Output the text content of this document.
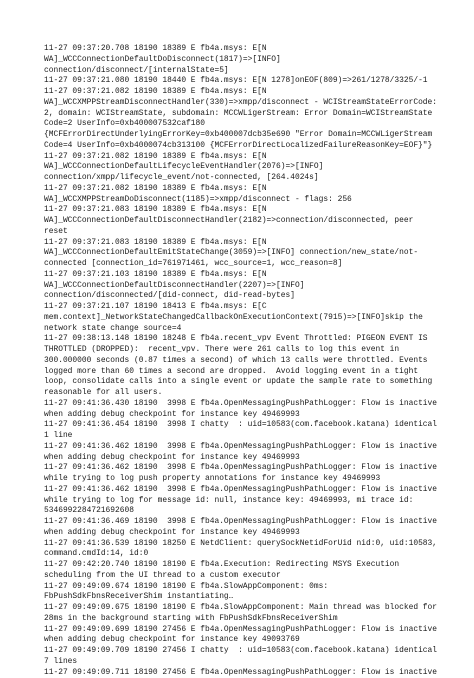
11-27 09:37:20.708 18190 18389 E fb4a.msys: E[N
WA]_WCCConnectionDefaultDoDisconnect(1817)=>[INFO]
connection/disconnect/[internalState=5]
11-27 09:37:21.080 18190 18440 E fb4a.msys: E[N 1278]onEOF(809)=>261/1278/3325/-1
11-27 09:37:21.082 18190 18389 E fb4a.msys: E[N
WA]_WCCXMPPStreamDisconnectHandler(330)=>xmpp/disconnect - WCIStreamStateErrorCode:
2, domain: WCIStreamState, subdomain: MCCWLigerStream: Error Domain=WCIStreamState
Code=2 UserInfo=0xb400007532caf180
{MCFErrorDirectUnderlyingErrorKey=0xb400007dcb35e690 "Error Domain=MCCWLigerStream
Code=4 UserInfo=0xb4000074cb313100 {MCFErrorDirectLocalizedFailureReasonKey=EOF}"}
11-27 09:37:21.082 18190 18389 E fb4a.msys: E[N
WA]_WCCConnectionDefaultLifecycleEventHandler(2076)=>[INFO]
connection/xmpp/lifecycle_event/not-connected, [264.4024s]
11-27 09:37:21.082 18190 18389 E fb4a.msys: E[N
WA]_WCCXMPPStreamDoDisconnect(1185)=>xmpp/disconnect - flags: 256
11-27 09:37:21.083 18190 18389 E fb4a.msys: E[N
WA]_WCCConnectionDefaultDisconnectHandler(2182)=>connection/disconnected, peer
reset
11-27 09:37:21.083 18190 18389 E fb4a.msys: E[N
WA]_WCCConnectionDefaultEmitStateChange(3059)=>[INFO] connection/new_state/not-
connected [connection_id=761971461, wcc_source=1, wcc_reason=8]
11-27 09:37:21.103 18190 18389 E fb4a.msys: E[N
WA]_WCCConnectionDefaultDisconnectHandler(2207)=>[INFO]
connection/disconnected/[did-connect, did-read-bytes]
11-27 09:37:21.107 18190 18413 E fb4a.msys: E[C
mem.context]_NetworkStateChangedCallbackOnExecutionContext(7915)=>[INFO]skip the
network state change source=4
11-27 09:38:13.148 18190 18248 E fb4a.recent_vpv Event Throttled: PIGEON EVENT IS
THROTTLED (DROPPED):  recent_vpv. There were 261 calls to log this event in
300.000000 seconds (0.87 times a second) of which 13 calls were throttled. Events
logged more than 60 times a second are dropped.  Avoid logging event in a tight
loop, consolidate calls into a single event or update the sample rate to something
reasonable for all users.
11-27 09:41:36.430 18190  3998 E fb4a.OpenMessagingPushPathLogger: Flow is inactive
when adding debug checkpoint for instance key 49469993
11-27 09:41:36.454 18190  3998 I chatty  : uid=10583(com.facebook.katana) identical
1 line
11-27 09:41:36.462 18190  3998 E fb4a.OpenMessagingPushPathLogger: Flow is inactive
when adding debug checkpoint for instance key 49469993
11-27 09:41:36.462 18190  3998 E fb4a.OpenMessagingPushPathLogger: Flow is inactive
while trying to log push property annotations for instance key 49469993
11-27 09:41:36.462 18190  3998 E fb4a.OpenMessagingPushPathLogger: Flow is inactive
while trying to log for message id: null, instance key: 49469993, mi trace id:
534699228472169260​8
11-27 09:41:36.469 18190  3998 E fb4a.OpenMessagingPushPathLogger: Flow is inactive
when adding debug checkpoint for instance key 49469993
11-27 09:41:36.539 18190 18250 E NetdClient: querySockNetidForUid nid:0, uid:10583,
command.cmdId:14, id:0
11-27 09:42:20.740 18190 18190 E fb4a.Execution: Redirecting MSYS Execution
scheduling from the UI thread to a custom executor
11-27 09:49:09.674 18190 18190 E fb4a.SlowAppComponent: 0ms:
FbPushSdkFbnsReceiverShim instantiating…
11-27 09:49:09.675 18190 18190 E fb4a.SlowAppComponent: Main thread was blocked for
28ms in the background starting with FbPushSdkFbnsReceiverShim
11-27 09:49:09.699 18190 27456 E fb4a.OpenMessagingPushPathLogger: Flow is inactive
when adding debug checkpoint for instance key 49093769
11-27 09:49:09.709 18190 27456 I chatty  : uid=10583(com.facebook.katana) identical
7 lines
11-27 09:49:09.711 18190 27456 E fb4a.OpenMessagingPushPathLogger: Flow is inactive
